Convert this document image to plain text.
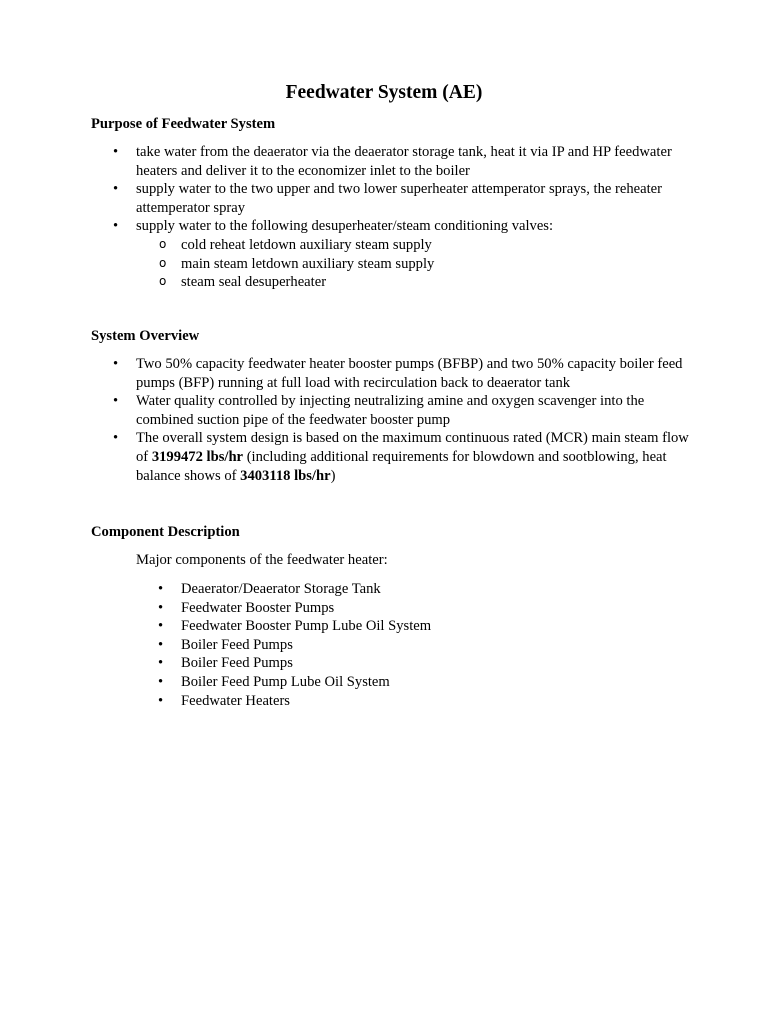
Feedwater System (AE)
Purpose of Feedwater System
• take water from the deaerator via the deaerator storage tank, heat it via IP and HP feedwater heaters and deliver it to the economizer inlet to the boiler
• supply water to the two upper and two lower superheater attemperator sprays, the reheater attemperator spray
• supply water to the following desuperheater/steam conditioning valves:
o cold reheat letdown auxiliary steam supply
o main steam letdown auxiliary steam supply
o steam seal desuperheater
System Overview
• Two 50% capacity feedwater heater booster pumps (BFBP) and two 50% capacity boiler feed pumps (BFP) running at full load with recirculation back to deaerator tank
• Water quality controlled by injecting neutralizing amine and oxygen scavenger into the combined suction pipe of the feedwater booster pump
• The overall system design is based on the maximum continuous rated (MCR) main steam flow of 3199472 lbs/hr (including additional requirements for blowdown and sootblowing, heat balance shows of 3403118 lbs/hr)
Component Description
Major components of the feedwater heater:
• Deaerator/Deaerator Storage Tank
• Feedwater Booster Pumps
• Feedwater Booster Pump Lube Oil System
• Boiler Feed Pumps
• Boiler Feed Pumps
• Boiler Feed Pump Lube Oil System
• Feedwater Heaters
